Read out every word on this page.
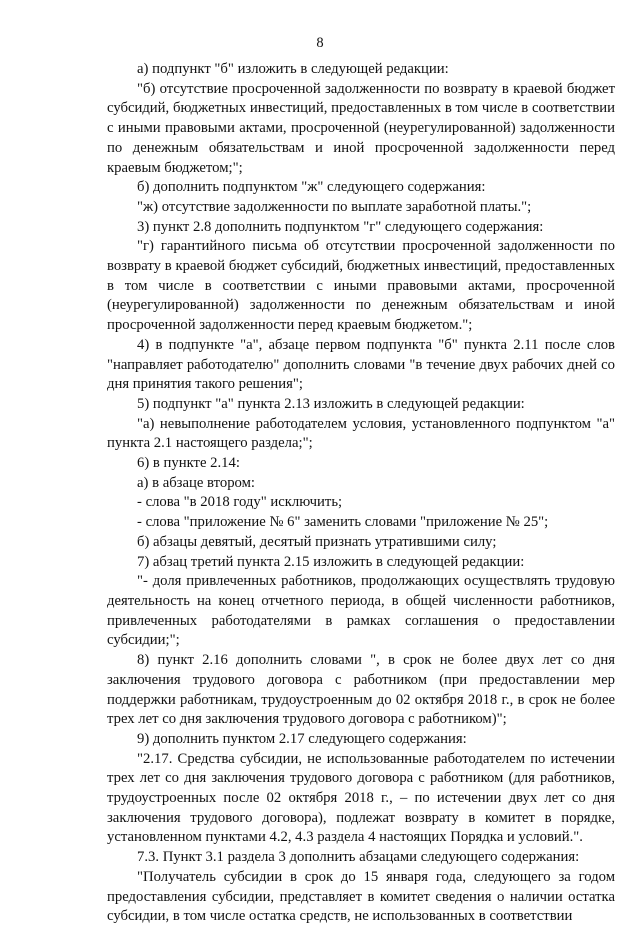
8

а) подпункт "б" изложить в следующей редакции:

"б) отсутствие просроченной задолженности по возврату в краевой бюджет субсидий, бюджетных инвестиций, предоставленных в том числе в соответствии с иными правовыми актами, просроченной (неурегулированной) задолженности по денежным обязательствам и иной просроченной задолженности перед краевым бюджетом;";

б) дополнить подпунктом "ж" следующего содержания:

"ж) отсутствие задолженности по выплате заработной платы.";

3) пункт 2.8 дополнить подпунктом "г" следующего содержания:

"г) гарантийного письма об отсутствии просроченной задолженности по возврату в краевой бюджет субсидий, бюджетных инвестиций, предоставленных в том числе в соответствии с иными правовыми актами, просроченной (неурегулированной) задолженности по денежным обязательствам и иной просроченной задолженности перед краевым бюджетом.";

4) в подпункте "а", абзаце первом подпункта "б" пункта 2.11 после слов "направляет работодателю" дополнить словами "в течение двух рабочих дней со дня принятия такого решения";

5) подпункт "а" пункта 2.13 изложить в следующей редакции:

"а) невыполнение работодателем условия, установленного подпунктом "а" пункта 2.1 настоящего раздела;";

6) в пункте 2.14:

а) в абзаце втором:

- слова "в 2018 году" исключить;

- слова "приложение № 6" заменить словами "приложение № 25";

б) абзацы девятый, десятый признать утратившими силу;

7) абзац третий пункта 2.15 изложить в следующей редакции:

"- доля привлеченных работников, продолжающих осуществлять трудовую деятельность на конец отчетного периода, в общей численности работников, привлеченных работодателями в рамках соглашения о предоставлении субсидии;";

8) пункт 2.16 дополнить словами ", в срок не более двух лет со дня заключения трудового договора с работником (при предоставлении мер поддержки работникам, трудоустроенным до 02 октября 2018 г., в срок не более трех лет со дня заключения трудового договора с работником)";

9) дополнить пунктом 2.17 следующего содержания:

"2.17. Средства субсидии, не использованные работодателем по истечении трех лет со дня заключения трудового договора с работником (для работников, трудоустроенных после 02 октября 2018 г., – по истечении двух лет со дня заключения трудового договора), подлежат возврату в комитет в порядке, установленном пунктами 4.2, 4.3 раздела 4 настоящих Порядка и условий.".

7.3. Пункт 3.1 раздела 3 дополнить абзацами следующего содержания:

"Получатель субсидии в срок до 15 января года, следующего за годом предоставления субсидии, представляет в комитет сведения о наличии остатка субсидии, в том числе остатка средств, не использованных в соответствии
